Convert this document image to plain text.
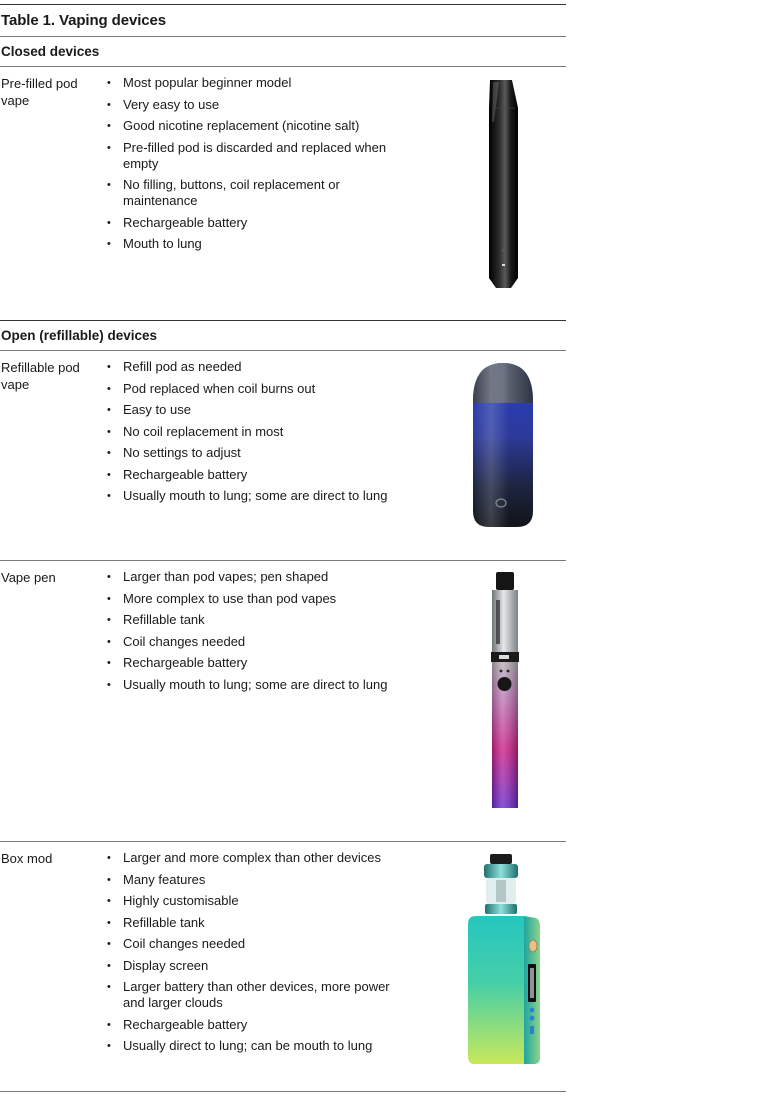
Table 1. Vaping devices
Closed devices
Pre-filled pod vape
• Most popular beginner model
• Very easy to use
• Good nicotine replacement (nicotine salt)
• Pre-filled pod is discarded and replaced when empty
• No filling, buttons, coil replacement or maintenance
• Rechargeable battery
• Mouth to lung
Open (refillable) devices
Refillable pod vape
• Refill pod as needed
• Pod replaced when coil burns out
• Easy to use
• No coil replacement in most
• No settings to adjust
• Rechargeable battery
• Usually mouth to lung; some are direct to lung
Vape pen	• Larger than pod vapes; pen shaped
• More complex to use than pod vapes
• Refillable tank
• Coil changes needed
• Rechargeable battery
• Usually mouth to lung; some are direct to lung
Box mod	• Larger and more complex than other devices
• Many features
• Highly customisable
• Refillable tank
• Coil changes needed
• Display screen
• Larger battery than other devices, more power and larger clouds
• Rechargeable battery
• Usually direct to lung; can be mouth to lung
